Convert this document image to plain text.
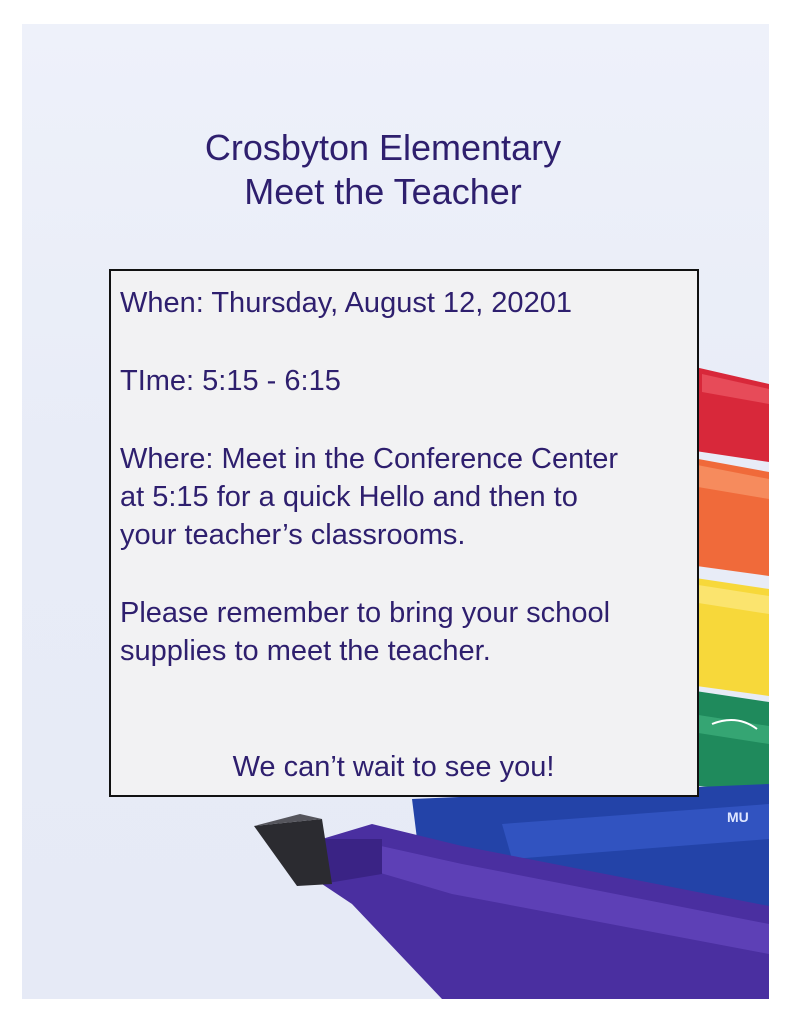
MU
Crosbyton Elementary
Meet the Teacher

When: Thursday, August 12, 20201

TIme: 5:15 - 6:15

Where: Meet in the Conference Center

at 5:15 for a quick Hello and then to

your teacher’s classrooms.

Please remember to bring your school

supplies to meet the teacher.

We can’t wait to see you!
